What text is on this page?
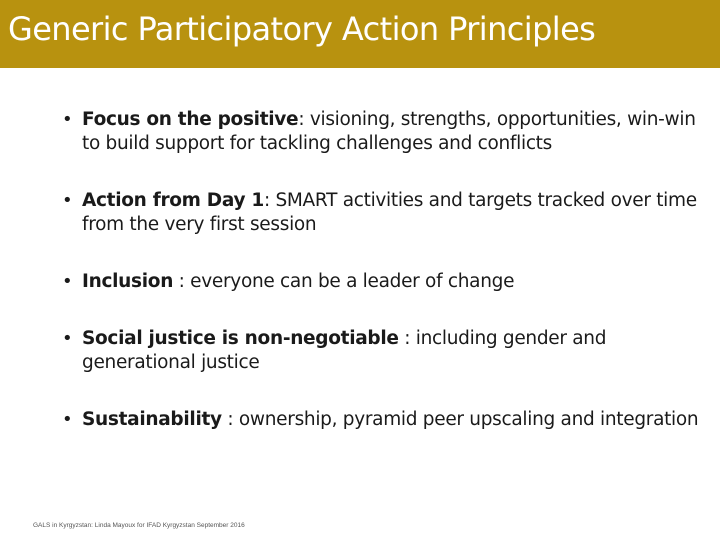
Generic Participatory Action Principles
• Focus on the positive: visioning, strengths, opportunities, win-win to build support for tackling challenges and conflicts
• Action from Day 1: SMART activities and targets tracked over time from the very first session
• Inclusion : everyone can be a leader of change
• Social justice is non-negotiable : including gender and generational justice
• Sustainability : ownership, pyramid peer upscaling and integration
GALS in Kyrgyzstan: Linda Mayoux for IFAD Kyrgyzstan September 2016
